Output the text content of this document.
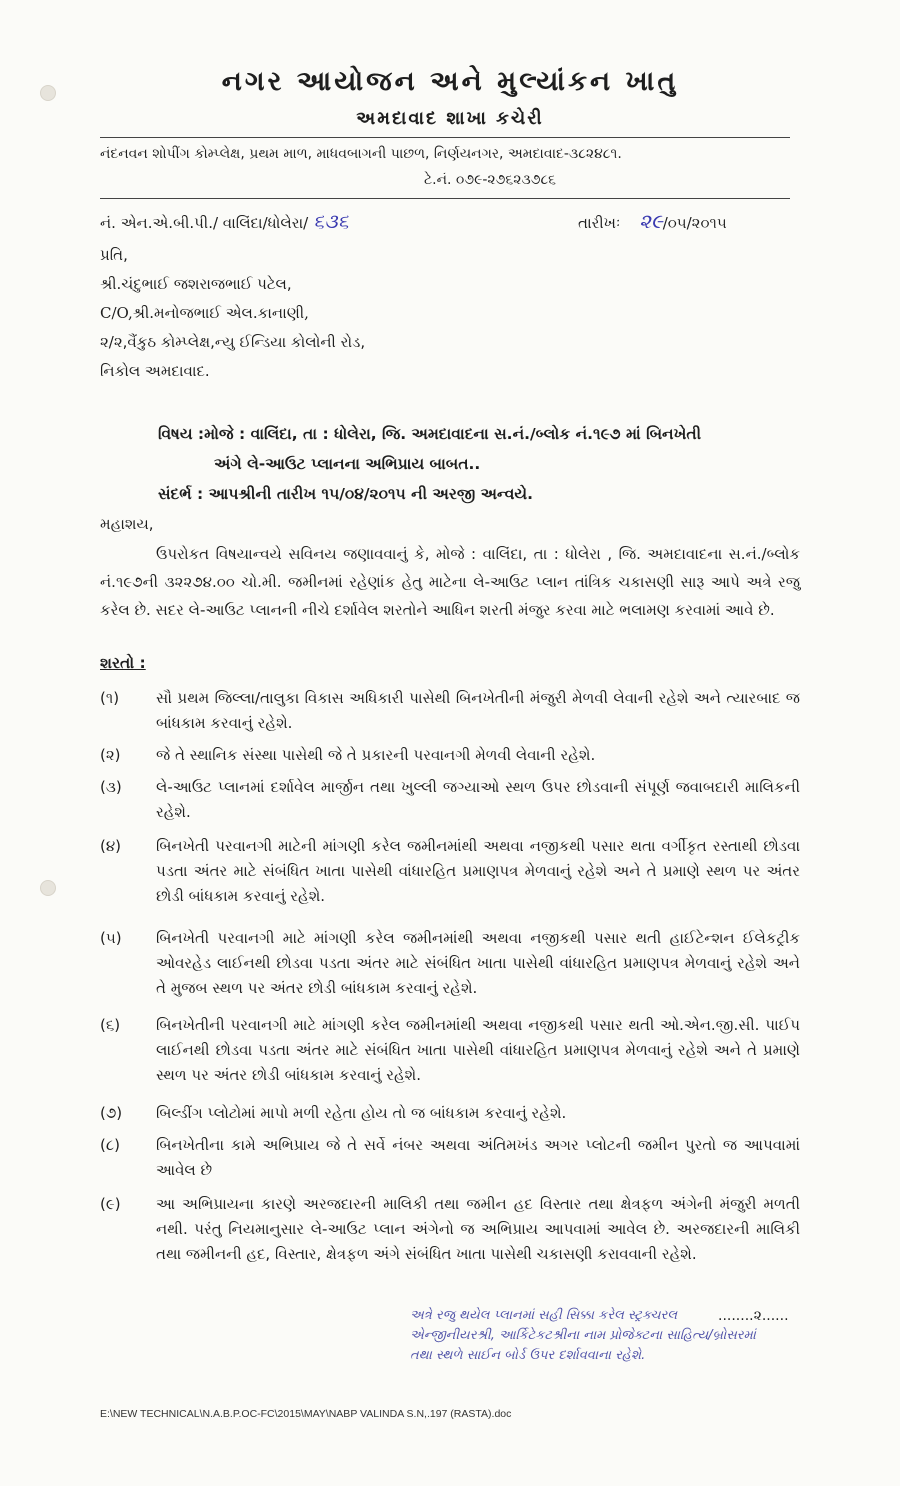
નગર આયોજન અને મુલ્યાંકન ખાતુ
અમદાવાદ શાખા કચેરી
નંદનવન શોપીંગ કોમ્પ્લેક્ષ, પ્રથમ માળ, માધવબાગની પાછળ, નિર્ણયનગર, અમદાવાદ-૩૮૨૪૮૧.
ટે.નં. ૦૭૯-૨૭૬૨૩૭૮૬
નં. એન.એ.બી.પી./ વાલિંદા/ધોલેરા/ ૬૩૬	તારીખઃ ૨૯/૦૫/૨૦૧૫
પ્રતિ,
શ્રી.ચંદુભાઈ જશરાજભાઈ પટેલ,
C/O,શ્રી.મનોજભાઈ એલ.કાનાણી,
૨/૨,વૈંકુઠ કોમ્પ્લેક્ષ,ન્યુ ઈન્ડિયા કોલોની રોડ,
નિકોલ અમદાવાદ.
વિષય :મોજે : વાલિંદા, તા : ધોલેરા, જિ. અમદાવાદના સ.નં./બ્લોક નં.૧૯૭ માં બિનખેતી
અંગે લે-આઉટ પ્લાનના અભિપ્રાય બાબત..
સંદર્ભ : આપશ્રીની તારીખ ૧૫/૦૪/૨૦૧૫ ની અરજી અન્વયે.
મહાશય,

ઉપરોકત વિષયાન્વયે સવિનય જણાવવાનું કે, મોજે : વાલિંદા, તા : ધોલેરા , જિ. અમદાવાદના સ.નં./બ્લોક નં.૧૯૭ની ૩૨૨૭૪.૦૦ ચો.મી. જમીનમાં રહેણાંક હેતુ માટેના લે-આઉટ પ્લાન તાંત્રિક ચકાસણી સારૂ આપે અત્રે રજુ કરેલ છે. સદર લે-આઉટ પ્લાનની નીચે દર્શાવેલ શરતોને આધિન શરતી મંજુર કરવા માટે ભલામણ કરવામાં આવે છે.

શરતો :
(૧)	સૌ પ્રથમ જિલ્લા/તાલુકા વિકાસ અધિકારી પાસેથી બિનખેતીની મંજુરી મેળવી લેવાની રહેશે અને ત્યારબાદ જ બાંધકામ કરવાનું રહેશે.
(૨)	જે તે સ્થાનિક સંસ્થા પાસેથી જે તે પ્રકારની પરવાનગી મેળવી લેવાની રહેશે.
(૩)	લે-આઉટ પ્લાનમાં દર્શાવેલ માર્જીન તથા ખુલ્લી જગ્યાઓ સ્થળ ઉપર છોડવાની સંપૂર્ણ જવાબદારી માલિકની રહેશે.
(૪)	બિનખેતી પરવાનગી માટેની માંગણી કરેલ જમીનમાંથી અથવા નજીકથી પસાર થતા વર્ગીકૃત રસ્તાથી છોડવા પડતા અંતર માટે સંબંધિત ખાતા પાસેથી વાંધારહિત પ્રમાણપત્ર મેળવાનું રહેશે અને તે પ્રમાણે સ્થળ પર અંતર છોડી બાંધકામ કરવાનું રહેશે.
(૫)	બિનખેતી પરવાનગી માટે માંગણી કરેલ જમીનમાંથી અથવા નજીકથી પસાર થતી હાઈટેન્શન ઈલેકટ્રીક ઓવરહેડ લાઈનથી છોડવા પડતા અંતર માટે સંબંધિત ખાતા પાસેથી વાંધારહિત પ્રમાણપત્ર મેળવાનું રહેશે અને તે મુજબ સ્થળ પર અંતર છોડી બાંધકામ કરવાનું રહેશે.
(૬)	બિનખેતીની પરવાનગી માટે માંગણી કરેલ જમીનમાંથી અથવા નજીકથી પસાર થતી ઓ.એન.જી.સી. પાઈપ લાઈનથી છોડવા પડતા અંતર માટે સંબંધિત ખાતા પાસેથી વાંધારહિત પ્રમાણપત્ર મેળવાનું રહેશે અને તે પ્રમાણે સ્થળ પર અંતર છોડી બાંધકામ કરવાનું રહેશે.
(૭)	બિલ્ડીંગ પ્લોટોમાં માપો મળી રહેતા હોય તો જ બાંધકામ કરવાનું રહેશે.
(૮)	બિનખેતીના કામે અભિપ્રાય જે તે સર્વે નંબર અથવા અંતિમખંડ અગર પ્લોટની જમીન પુરતો જ આપવામાં આવેલ છે
(૯)	આ અભિપ્રાયના કારણે અરજદારની માલિકી તથા જમીન હદ વિસ્તાર તથા ક્ષેત્રફળ અંગેની મંજુરી મળતી નથી. પરંતુ નિયમાનુસાર લે-આઉટ પ્લાન અંગેનો જ અભિપ્રાય આપવામાં આવેલ છે. અરજદારની માલિકી તથા જમીનની હદ, વિસ્તાર, ક્ષેત્રફળ અંગે સંબંધિત ખાતા પાસેથી ચકાસણી કરાવવાની રહેશે.
........૨......
અત્રે રજુ થયેલ પ્લાનમાં સહી સિક્કા કરેલ સ્ટ્રક્ચરલ
એન્જીનીયરશ્રી, આર્કિટેકટશ્રીના નામ પ્રોજેક્ટના સાહિત્ય/બ્રોસરમાં
તથા સ્થળે સાઈન બોર્ડ ઉપર દર્શાવવાના રહેશે.
E:\NEW TECHNICAL\N.A.B.P.OC-FC\2015\MAY\NABP VALINDA S.N,.197 (RASTA).doc
